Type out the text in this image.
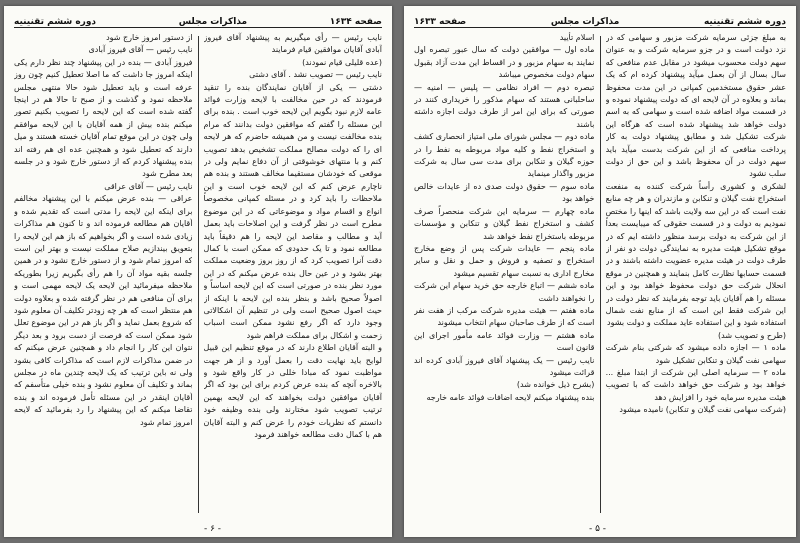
صفحه ۱۶۳۴
مذاکرات مجلس
دوره ششم تقنینیه

نایب رئیس — رأی میگیریم به پیشنهاد آقای فیروز آبادی آقایان موافقین قیام فرمایند

(عده قلیلی قیام نمودند)

نایب رئیس — تصویب نشد . آقای دشتی

دشتی — یکی از آقایان نمایندگان بنده را تنقید فرمودند که در حین مخالفت با لایحه وزارت فوائد عامه لازم نبود بگویم این لایحه خوب است . بنده برای این مسئله را گفتم که موافقین دولت بدانند که مرام بنده مخالفت نیست و من همیشه حاضرم که هر لایحه ای را که دولت مصالح مملکت تشخیص بدهد تصویب کنم و با منتهای خوشوقتی از آن دفاع نمایم ولی در موقعی که خودشان مستقیما مخالف هستند و بنده هم ناچارم عرض کنم که این لایحه خوب است و این ملاحظات را باید کرد و در مسئله کمپانی مخصوصاً انواع و اقسام مواد و موضوعاتی که در این موضوع مطرح است در نظر گرفت و این اصلاحات باید بعمل آید و مطالب و مقاصد این لایحه را هم دقیقاً باید مطالعه نمود و تا یک حدودی که ممکن است با کمال دقت آنرا تصویب کرد که از روز بروز وضعیت مملکت بهتر بشود و در عین حال بنده عرض میکنم که در این مورد نظر بنده در صورتی است که این لایحه اساساً و اصولاً صحیح باشد و بنظر بنده این لایحه با اینکه از حیث اصول صحیح است ولی در تنظیم آن اشکالاتی وجود دارد که اگر رفع نشود ممکن است اسباب زحمت و اشکال برای مملکت فراهم شود

و البته آقایان اطلاع دارند که در موقع تنظیم این قبیل لوایح باید نهایت دقت را بعمل آورد و از هر جهت مواظبت نمود که مبادا خللی در کار واقع شود و بالاخره آنچه که بنده عرض کردم برای این بود که اگر آقایان موافقین دولت بخواهند که این لایحه بهمین ترتیب تصویب شود مختارند ولی بنده وظیفه خود دانستم که نظریات خودم را عرض کنم و البته آقایان هم با کمال دقت مطالعه خواهند فرمود

از دستور امروز خارج شود

نایب رئیس — آقای فیروز آبادی

فیروز آبادی — بنده در این پیشنهاد چند نظر دارم یکی اینکه امروز جا داشت که ما اصلا تعطیل کنیم چون روز عرفه است و باید تعطیل شود حالا منتهی مجلس ملاحظه نمود و گذشت و از صبح تا حالا هم در اینجا گفته شده است که این لایحه را تصویب بکنیم تصور میکنم بنده بیش از همه آقایان با این لایحه موافقم ولی چون در این موقع تمام آقایان خسته هستند و میل دارند که تعطیل شود و همچنین عده ای هم رفته اند بنده پیشنهاد کردم که از دستور خارج شود و در جلسه بعد مطرح شود

نایب رئیس — آقای عراقی

عراقی — بنده عرض میکنم با این پیشنهاد مخالفم برای اینکه این لایحه را مدتی است که تقدیم شده و آقایان هم مطالعه فرموده اند و تا کنون هم مذاکرات زیادی شده است و اگر بخواهیم که باز هم این لایحه را بتعویق بیندازیم صلاح مملکت نیست و بهتر این است که امروز تمام شود و از دستور خارج نشود و در همین جلسه بقیه مواد آن را هم رأی بگیریم زیرا بطوریکه ملاحظه میفرمائید این لایحه یک لایحه مهمی است و برای آن منافعی هم در نظر گرفته شده و بعلاوه دولت هم منتظر است که هر چه زودتر تکلیف آن معلوم شود که شروع بعمل نماید و اگر باز هم در این موضوع تعلل شود ممکن است که فرصت از دست برود و بعد دیگر نتوان این کار را انجام داد و همچنین عرض میکنم که در ضمن مذاکرات لازم است که مذاکرات کافی بشود ولی نه باین ترتیب که یک لایحه چندین ماه در مجلس بماند و تکلیف آن معلوم نشود و بنده خیلی متأسفم که آقایان اینقدر در این مسئله تأمل فرموده اند و بنده تقاضا میکنم که این پیشنهاد را رد بفرمائید که لایحه امروز تمام شود

- ۶ -
دوره ششم تقنینیه
مذاکرات مجلس
صفحه ۱۶۳۳

به مبلغ جزئی سرمایه شرکت مزبور و سهامی که در نزد دولت است و در جزو سرمایه شرکت و به عنوان سهم دولت محسوب میشود در مقابل عدم منافعی که سال بسال از آن بعمل میآید پیشنهاد کرده ام که یک عشر حقوق مستخدمین کمپانی در این مدت محفوظ بماند و بعلاوه در آن لایحه ای که دولت پیشنهاد نموده و در قسمت مواد اضافه شده است و سهامی که به اسم دولت خواهد شد پیشنهاد شده است که هرگاه این شرکت تشکیل شد و مطابق پیشنهاد دولت به کار پرداخت منافعی که از این شرکت بدست میآید باید سهم دولت در آن محفوظ باشد و این حق از دولت سلب نشود

لشکری و کشوری رأساً شرکت کننده به منفعت استخراج نفت گیلان و تنکابن و مازندران و هر چه منابع نفت است که در این سه ولایت باشد که اینها را مختص نمودیم به دولت و در قسمت حقوقی که میبایست بعداً از این شرکت به دولت برسد منظور داشته ایم که در موقع تشکیل هیئت مدیره به نمایندگی دولت دو نفر از طرف دولت در هیئت مدیره عضویت داشته باشند و در قسمت حسابها نظارت کامل بنمایند و همچنین در موقع انحلال شرکت حق دولت محفوظ خواهد بود و این مسئله را هم آقایان باید توجه بفرمایند که نظر دولت در این شرکت فقط این است که از منابع نفت شمال استفاده شود و این استفاده عاید مملکت و دولت بشود

(طرح و تصویب شد)

ماده ۱ — اجازه داده میشود که شرکتی بنام شرکت سهامی نفت گیلان و تنکابن تشکیل شود

ماده ۲ — سرمایه اصلی این شرکت از ابتدا مبلغ ... خواهد بود و شرکت حق خواهد داشت که با تصویب هیئت مدیره سرمایه خود را افزایش دهد

(شرکت سهامی نفت گیلان و تنکابن) نامیده میشود

اسلام تأیید

ماده اول — موافقین دولت که سال عبور تبصره اول نمایند به سهام مزبور و در اقساط این مدت آزاد بقبول سهام دولت مخصوص میباشد

تبصره دوم — افراد نظامی — پلیس — امنیه — ساحلبانی هستند که سهام مذکور را خریداری کنند در صورتی که برای این امر از طرف دولت اجازه داشته باشند

ماده دوم — مجلس شورای ملی امتیاز انحصاری کشف و استخراج نفط و کلیه مواد مربوطه به نفط را در حوزه گیلان و تنکابن برای مدت سی سال به شرکت مزبور واگذار مینماید

ماده سوم — حقوق دولت صدی ده از عایدات خالص خواهد بود

ماده چهارم — سرمایه این شرکت منحصراً صرف کشف و استخراج نفط گیلان و تنکابن و مؤسسات مربوطه باستخراج نفط خواهد شد

ماده پنجم — عایدات شرکت پس از وضع مخارج استخراج و تصفیه و فروش و حمل و نقل و سایر مخارج اداری به نسبت سهام تقسیم میشود

ماده ششم — اتباع خارجه حق خرید سهام این شرکت را نخواهند داشت

ماده هفتم — هیئت مدیره شرکت مرکب از هفت نفر است که از طرف صاحبان سهام انتخاب میشوند

ماده هشتم — وزارت فوائد عامه مأمور اجرای این قانون است

نایب رئیس — یک پیشنهاد آقای فیروز آبادی کرده اند قرائت میشود

(بشرح ذیل خوانده شد)

بنده پیشنهاد میکنم لایحه اضافات فوائد عامه خارجه

- ۵ -
